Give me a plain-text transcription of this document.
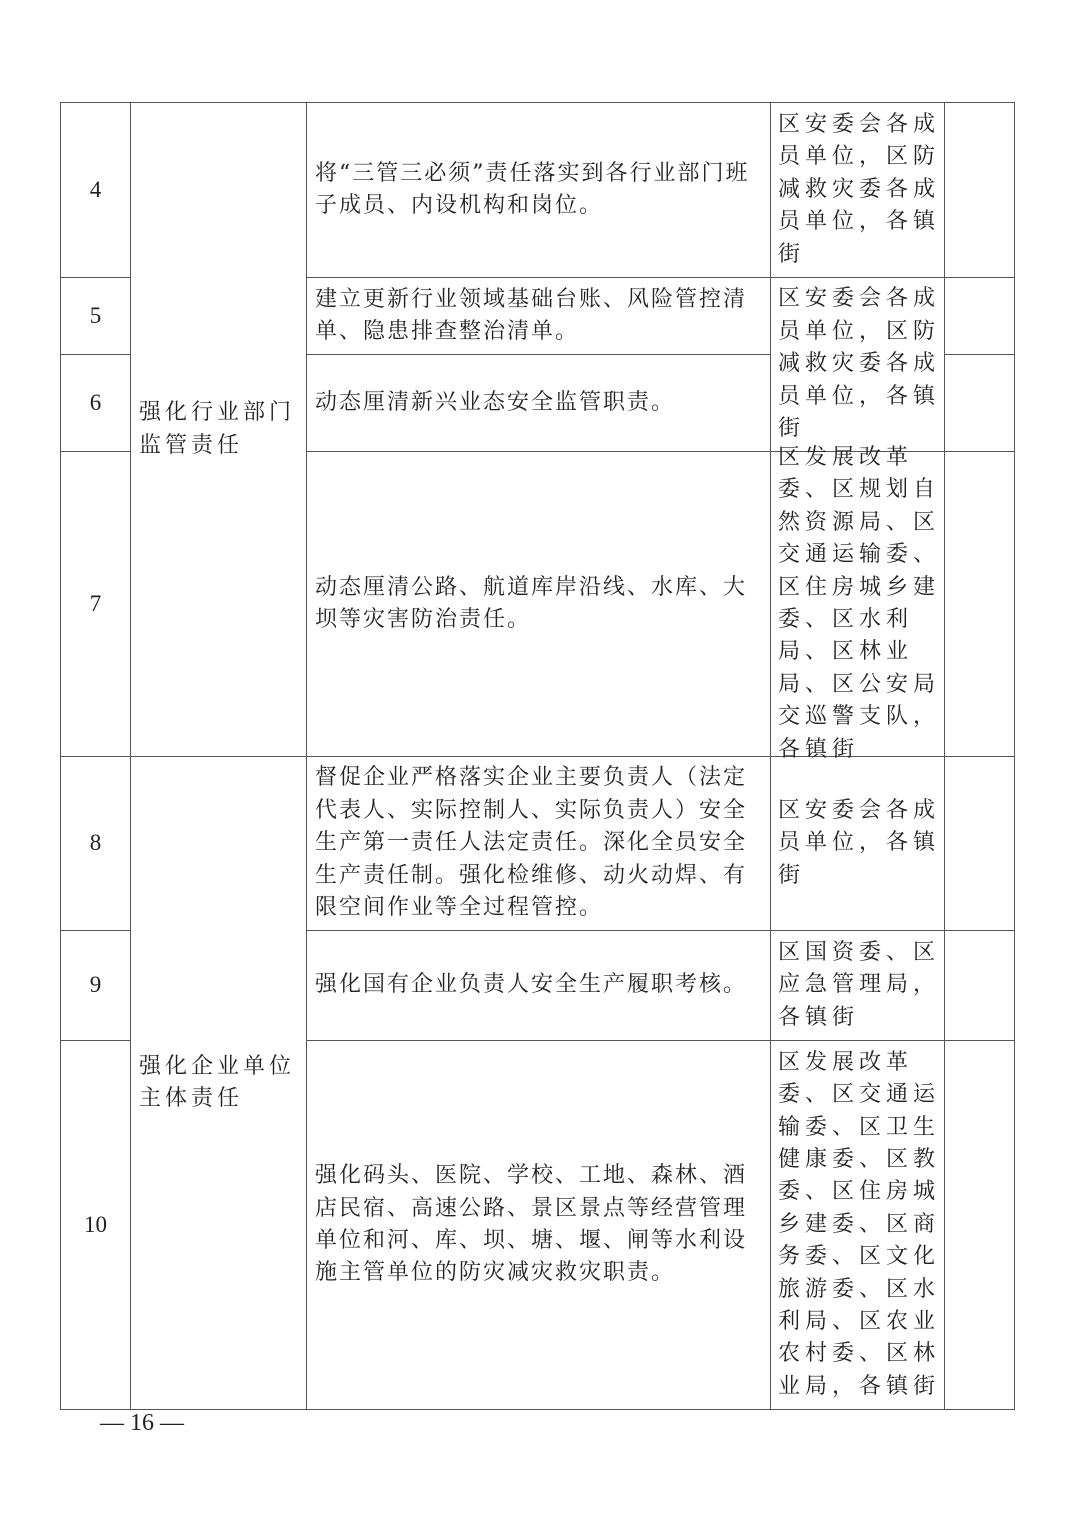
4
将“三管三必须”责任落实到各行业部门班子成员、内设机构和岗位。
区安委会各成员单位，区防减救灾委各成员单位，各镇街
5
建立更新行业领域基础台账、风险管控清单、隐患排查整治清单。
6	动态厘清新兴业态安全监管职责。
区安委会各成员单位，区防减救灾委各成员单位，各镇街
7
动态厘清公路、航道库岸沿线、水库、大坝等灾害防治责任。
区发展改革委、区规划自然资源局、区交通运输委、区住房城乡建委、区水利局、区林业局、区公安局交巡警支队，各镇街
强化行业部门监管责任
8
督促企业严格落实企业主要负责人（法定代表人、实际控制人、实际负责人）安全生产第一责任人法定责任。深化全员安全生产责任制。强化检维修、动火动焊、有限空间作业等全过程管控。
区安委会各成员单位，各镇街
9	强化国有企业负责人安全生产履职考核。
区国资委、区应急管理局，各镇街
10
强化码头、医院、学校、工地、森林、酒店民宿、高速公路、景区景点等经营管理单位和河、库、坝、塘、堰、闸等水利设施主管单位的防灾减灾救灾职责。
区发展改革委、区交通运输委、区卫生健康委、区教委、区住房城乡建委、区商务委、区文化旅游委、区水利局、区农业农村委、区林业局，各镇街
强化企业单位主体责任
— 16 —
